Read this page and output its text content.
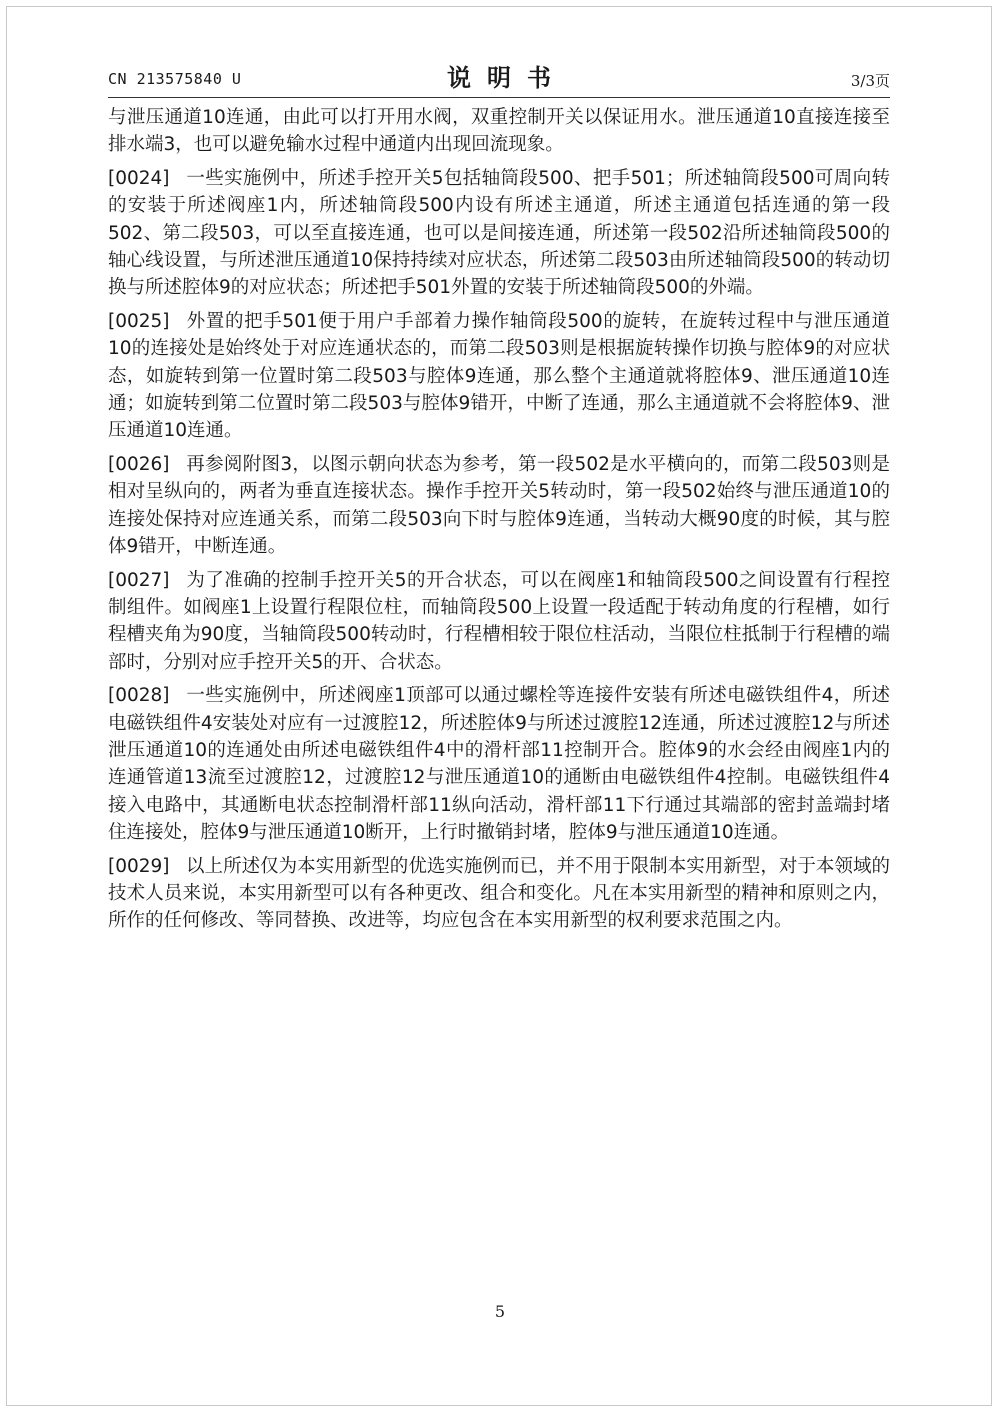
CN 213575840 U	说明书	3/3页

与泄压通道10连通，由此可以打开用水阀，双重控制开关以保证用水。泄压通道10直接连接至排水端3，也可以避免输水过程中通道内出现回流现象。

[0024] 一些实施例中，所述手控开关5包括轴筒段500、把手501；所述轴筒段500可周向转的安装于所述阀座1内，所述轴筒段500内设有所述主通道，所述主通道包括连通的第一段502、第二段503，可以至直接连通，也可以是间接连通，所述第一段502沿所述轴筒段500的轴心线设置，与所述泄压通道10保持持续对应状态，所述第二段503由所述轴筒段500的转动切换与所述腔体9的对应状态；所述把手501外置的安装于所述轴筒段500的外端。

[0025] 外置的把手501便于用户手部着力操作轴筒段500的旋转，在旋转过程中与泄压通道10的连接处是始终处于对应连通状态的，而第二段503则是根据旋转操作切换与腔体9的对应状态，如旋转到第一位置时第二段503与腔体9连通，那么整个主通道就将腔体9、泄压通道10连通；如旋转到第二位置时第二段503与腔体9错开，中断了连通，那么主通道就不会将腔体9、泄压通道10连通。

[0026] 再参阅附图3，以图示朝向状态为参考，第一段502是水平横向的，而第二段503则是相对呈纵向的，两者为垂直连接状态。操作手控开关5转动时，第一段502始终与泄压通道10的连接处保持对应连通关系，而第二段503向下时与腔体9连通，当转动大概90度的时候，其与腔体9错开，中断连通。

[0027] 为了准确的控制手控开关5的开合状态，可以在阀座1和轴筒段500之间设置有行程控制组件。如阀座1上设置行程限位柱，而轴筒段500上设置一段适配于转动角度的行程槽，如行程槽夹角为90度，当轴筒段500转动时，行程槽相较于限位柱活动，当限位柱抵制于行程槽的端部时，分别对应手控开关5的开、合状态。

[0028] 一些实施例中，所述阀座1顶部可以通过螺栓等连接件安装有所述电磁铁组件4，所述电磁铁组件4安装处对应有一过渡腔12，所述腔体9与所述过渡腔12连通，所述过渡腔12与所述泄压通道10的连通处由所述电磁铁组件4中的滑杆部11控制开合。腔体9的水会经由阀座1内的连通管道13流至过渡腔12，过渡腔12与泄压通道10的通断由电磁铁组件4控制。电磁铁组件4接入电路中，其通断电状态控制滑杆部11纵向活动，滑杆部11下行通过其端部的密封盖端封堵住连接处，腔体9与泄压通道10断开，上行时撤销封堵，腔体9与泄压通道10连通。

[0029] 以上所述仅为本实用新型的优选实施例而已，并不用于限制本实用新型，对于本领域的技术人员来说，本实用新型可以有各种更改、组合和变化。凡在本实用新型的精神和原则之内，所作的任何修改、等同替换、改进等，均应包含在本实用新型的权利要求范围之内。

5
